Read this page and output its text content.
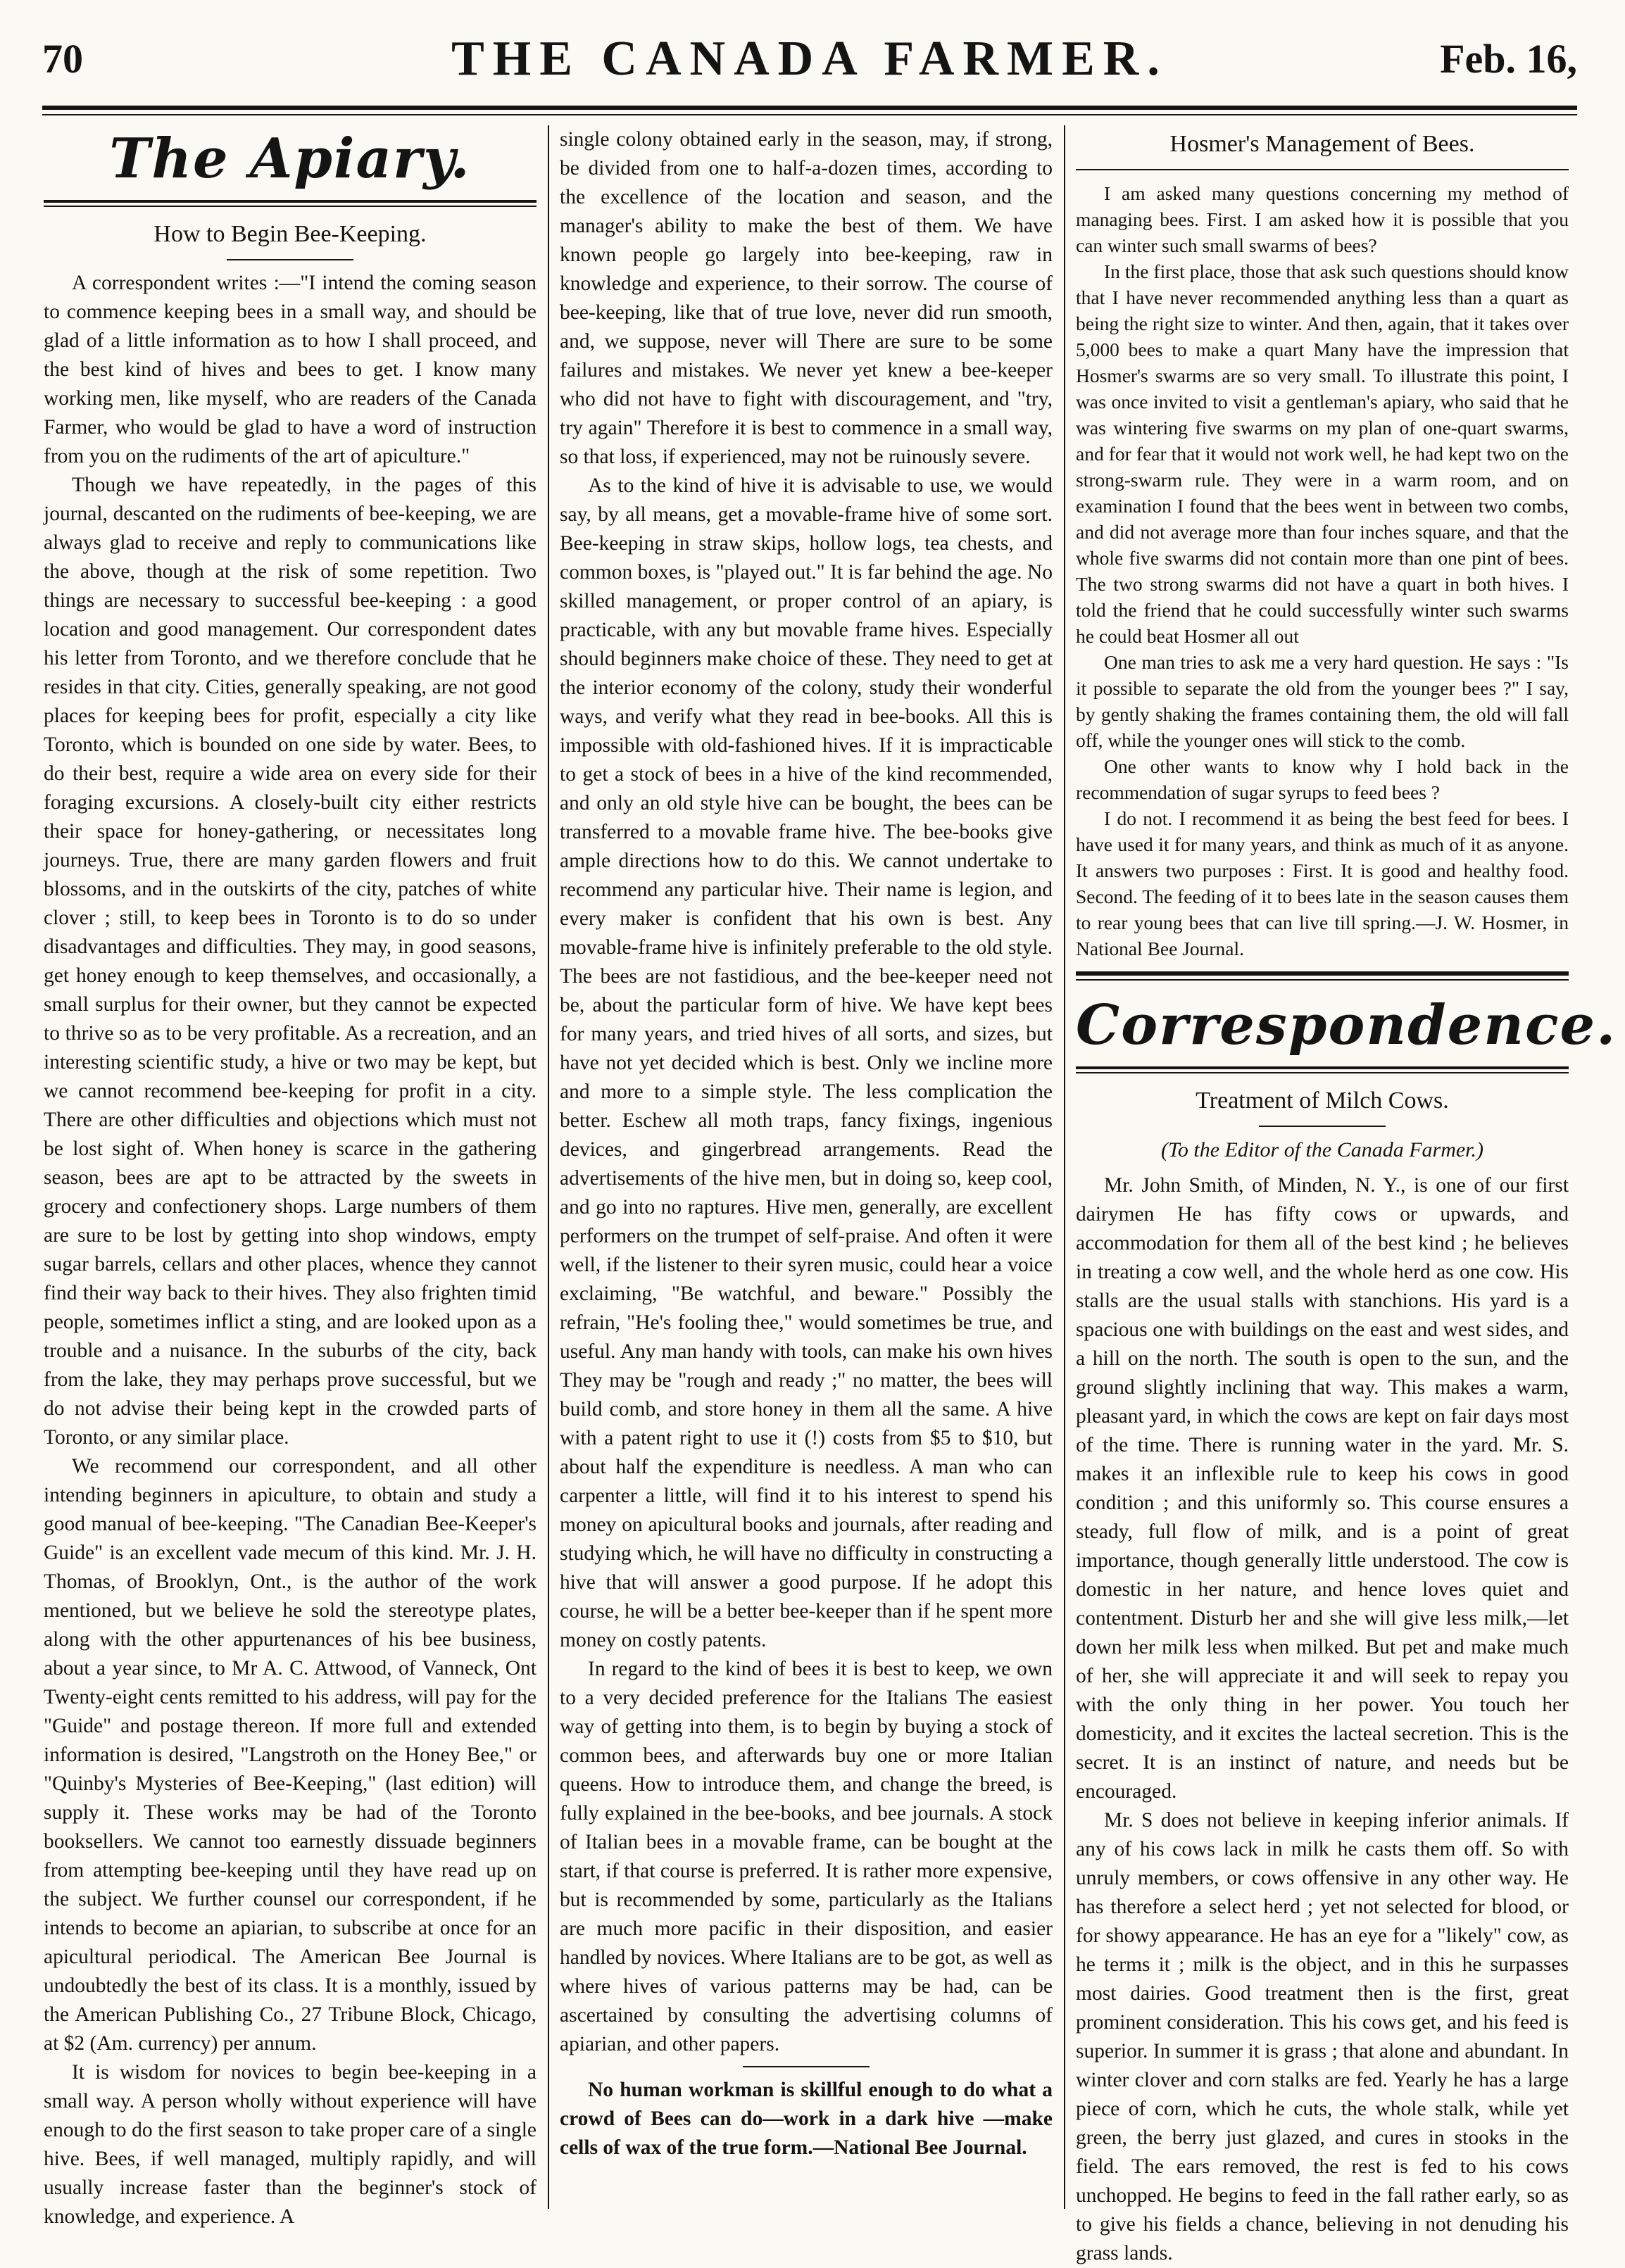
70	THE CANADA FARMER.	Feb. 16,
The Apiary.
How to Begin Bee-Keeping.

A correspondent writes :—"I intend the coming season to commence keeping bees in a small way, and should be glad of a little information as to how I shall proceed, and the best kind of hives and bees to get. I know many working men, like myself, who are readers of the Canada Farmer, who would be glad to have a word of instruction from you on the rudiments of the art of apiculture."

Though we have repeatedly, in the pages of this journal, descanted on the rudiments of bee-keeping, we are always glad to receive and reply to communications like the above, though at the risk of some repetition. Two things are necessary to successful bee-keeping : a good location and good management. Our correspondent dates his letter from Toronto, and we therefore conclude that he resides in that city. Cities, generally speaking, are not good places for keeping bees for profit, especially a city like Toronto, which is bounded on one side by water. Bees, to do their best, require a wide area on every side for their foraging excursions. A closely-built city either restricts their space for honey-gathering, or necessitates long journeys. True, there are many garden flowers and fruit blossoms, and in the outskirts of the city, patches of white clover ; still, to keep bees in Toronto is to do so under disadvantages and difficulties. They may, in good seasons, get honey enough to keep themselves, and occasionally, a small surplus for their owner, but they cannot be expected to thrive so as to be very profitable. As a recreation, and an interesting scientific study, a hive or two may be kept, but we cannot recommend bee-keeping for profit in a city. There are other difficulties and objections which must not be lost sight of. When honey is scarce in the gathering season, bees are apt to be attracted by the sweets in grocery and confectionery shops. Large numbers of them are sure to be lost by getting into shop windows, empty sugar barrels, cellars and other places, whence they cannot find their way back to their hives. They also frighten timid people, sometimes inflict a sting, and are looked upon as a trouble and a nuisance. In the suburbs of the city, back from the lake, they may perhaps prove successful, but we do not advise their being kept in the crowded parts of Toronto, or any similar place.

We recommend our correspondent, and all other intending beginners in apiculture, to obtain and study a good manual of bee-keeping. "The Canadian Bee-Keeper's Guide" is an excellent vade mecum of this kind. Mr. J. H. Thomas, of Brooklyn, Ont., is the author of the work mentioned, but we believe he sold the stereotype plates, along with the other appurtenances of his bee business, about a year since, to Mr A. C. Attwood, of Vanneck, Ont Twenty-eight cents remitted to his address, will pay for the "Guide" and postage thereon. If more full and extended information is desired, "Langstroth on the Honey Bee," or "Quinby's Mysteries of Bee-Keeping," (last edition) will supply it. These works may be had of the Toronto booksellers. We cannot too earnestly dissuade beginners from attempting bee-keeping until they have read up on the subject. We further counsel our correspondent, if he intends to become an apiarian, to subscribe at once for an apicultural periodical. The American Bee Journal is undoubtedly the best of its class. It is a monthly, issued by the American Publishing Co., 27 Tribune Block, Chicago, at $2 (Am. currency) per annum.

It is wisdom for novices to begin bee-keeping in a small way. A person wholly without experience will have enough to do the first season to take proper care of a single hive. Bees, if well managed, multiply rapidly, and will usually increase faster than the beginner's stock of knowledge, and experience. A

single colony obtained early in the season, may, if strong, be divided from one to half-a-dozen times, according to the excellence of the location and season, and the manager's ability to make the best of them. We have known people go largely into bee-keeping, raw in knowledge and experience, to their sorrow. The course of bee-keeping, like that of true love, never did run smooth, and, we suppose, never will There are sure to be some failures and mistakes. We never yet knew a bee-keeper who did not have to fight with discouragement, and "try, try again" Therefore it is best to commence in a small way, so that loss, if experienced, may not be ruinously severe.

As to the kind of hive it is advisable to use, we would say, by all means, get a movable-frame hive of some sort. Bee-keeping in straw skips, hollow logs, tea chests, and common boxes, is "played out." It is far behind the age. No skilled management, or proper control of an apiary, is practicable, with any but movable frame hives. Especially should beginners make choice of these. They need to get at the interior economy of the colony, study their wonderful ways, and verify what they read in bee-books. All this is impossible with old-fashioned hives. If it is impracticable to get a stock of bees in a hive of the kind recommended, and only an old style hive can be bought, the bees can be transferred to a movable frame hive. The bee-books give ample directions how to do this. We cannot undertake to recommend any particular hive. Their name is legion, and every maker is confident that his own is best. Any movable-frame hive is infinitely preferable to the old style. The bees are not fastidious, and the bee-keeper need not be, about the particular form of hive. We have kept bees for many years, and tried hives of all sorts, and sizes, but have not yet decided which is best. Only we incline more and more to a simple style. The less complication the better. Eschew all moth traps, fancy fixings, ingenious devices, and gingerbread arrangements. Read the advertisements of the hive men, but in doing so, keep cool, and go into no raptures. Hive men, generally, are excellent performers on the trumpet of self-praise. And often it were well, if the listener to their syren music, could hear a voice exclaiming, "Be watchful, and beware." Possibly the refrain, "He's fooling thee," would sometimes be true, and useful. Any man handy with tools, can make his own hives They may be "rough and ready ;" no matter, the bees will build comb, and store honey in them all the same. A hive with a patent right to use it (!) costs from $5 to $10, but about half the expenditure is needless. A man who can carpenter a little, will find it to his interest to spend his money on apicultural books and journals, after reading and studying which, he will have no difficulty in constructing a hive that will answer a good purpose. If he adopt this course, he will be a better bee-keeper than if he spent more money on costly patents.

In regard to the kind of bees it is best to keep, we own to a very decided preference for the Italians The easiest way of getting into them, is to begin by buying a stock of common bees, and afterwards buy one or more Italian queens. How to introduce them, and change the breed, is fully explained in the bee-books, and bee journals. A stock of Italian bees in a movable frame, can be bought at the start, if that course is preferred. It is rather more expensive, but is recommended by some, particularly as the Italians are much more pacific in their disposition, and easier handled by novices. Where Italians are to be got, as well as where hives of various patterns may be had, can be ascertained by consulting the advertising columns of apiarian, and other papers.

No human workman is skillful enough to do what a crowd of Bees can do—work in a dark hive —make cells of wax of the true form.—National Bee Journal.

Hosmer's Management of Bees.

I am asked many questions concerning my method of managing bees. First. I am asked how it is possible that you can winter such small swarms of bees?

In the first place, those that ask such questions should know that I have never recommended anything less than a quart as being the right size to winter. And then, again, that it takes over 5,000 bees to make a quart Many have the impression that Hosmer's swarms are so very small. To illustrate this point, I was once invited to visit a gentleman's apiary, who said that he was wintering five swarms on my plan of one-quart swarms, and for fear that it would not work well, he had kept two on the strong-swarm rule. They were in a warm room, and on examination I found that the bees went in between two combs, and did not average more than four inches square, and that the whole five swarms did not contain more than one pint of bees. The two strong swarms did not have a quart in both hives. I told the friend that he could successfully winter such swarms he could beat Hosmer all out

One man tries to ask me a very hard question. He says : "Is it possible to separate the old from the younger bees ?" I say, by gently shaking the frames containing them, the old will fall off, while the younger ones will stick to the comb.

One other wants to know why I hold back in the recommendation of sugar syrups to feed bees ?

I do not. I recommend it as being the best feed for bees. I have used it for many years, and think as much of it as anyone. It answers two purposes : First. It is good and healthy food. Second. The feeding of it to bees late in the season causes them to rear young bees that can live till spring.—J. W. Hosmer, in National Bee Journal.

Correspondence.
Treatment of Milch Cows.
(To the Editor of the Canada Farmer.)

Mr. John Smith, of Minden, N. Y., is one of our first dairymen He has fifty cows or upwards, and accommodation for them all of the best kind ; he believes in treating a cow well, and the whole herd as one cow. His stalls are the usual stalls with stanchions. His yard is a spacious one with buildings on the east and west sides, and a hill on the north. The south is open to the sun, and the ground slightly inclining that way. This makes a warm, pleasant yard, in which the cows are kept on fair days most of the time. There is running water in the yard. Mr. S. makes it an inflexible rule to keep his cows in good condition ; and this uniformly so. This course ensures a steady, full flow of milk, and is a point of great importance, though generally little understood. The cow is domestic in her nature, and hence loves quiet and contentment. Disturb her and she will give less milk,—let down her milk less when milked. But pet and make much of her, she will appreciate it and will seek to repay you with the only thing in her power. You touch her domesticity, and it excites the lacteal secretion. This is the secret. It is an instinct of nature, and needs but be encouraged.

Mr. S does not believe in keeping inferior animals. If any of his cows lack in milk he casts them off. So with unruly members, or cows offensive in any other way. He has therefore a select herd ; yet not selected for blood, or for showy appearance. He has an eye for a "likely" cow, as he terms it ; milk is the object, and in this he surpasses most dairies. Good treatment then is the first, great prominent consideration. This his cows get, and his feed is superior. In summer it is grass ; that alone and abundant. In winter clover and corn stalks are fed. Yearly he has a large piece of corn, which he cuts, the whole stalk, while yet green, the berry just glazed, and cures in stooks in the field. The ears removed, the rest is fed to his cows unchopped. He begins to feed in the fall rather early, so as to give his fields a chance, believing in not denuding his grass lands.
